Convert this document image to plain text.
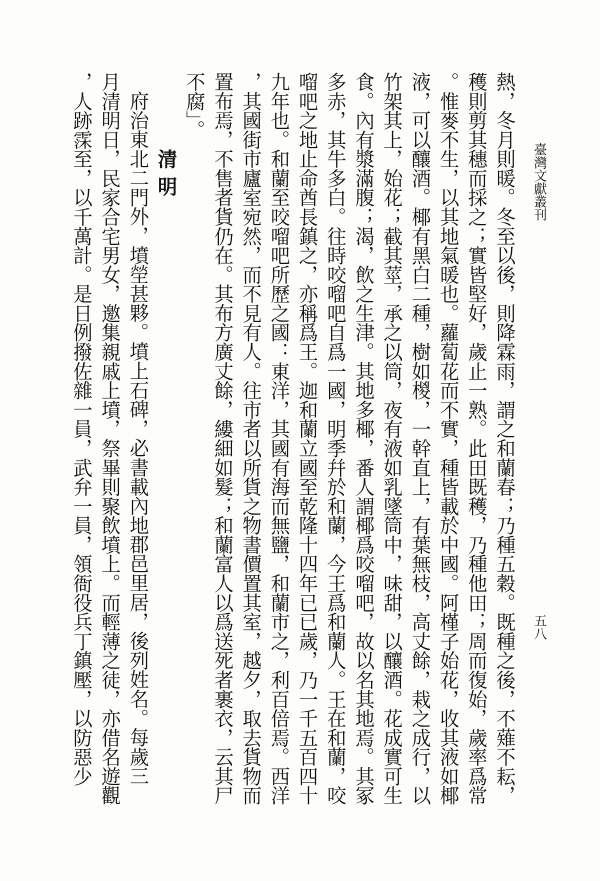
臺灣文獻叢刊
五八
熱，冬月則暖。冬至以後，則降霖雨，謂之和蘭春；乃種五穀。既種之後，不薙不耘，
穫則剪其穗而採之；實皆堅好，歲止一熟。此田既穫，乃種他田；周而復始，歲率爲常
。惟麥不生，以其地氣暖也。蘿蔔花而不實，種皆載於中國。阿槿子始花，收其液如椰
液，可以釀酒。椰有黑白二種，樹如椶，一幹直上，有葉無枝，高丈餘，栽之成行，以
竹架其上，始花；截其莖，承之以筒，夜有液如乳墜筒中，味甜，以釀酒。花成實可生
食。內有漿滿腹；渴，飲之生津。其地多椰，番人謂椰爲咬𠺕吧，故以名其地焉。其冢
多赤，其牛多白。往時咬𠺕吧自爲一國，明季幷於和蘭，今王爲和蘭人。王在和蘭，咬
𠺕吧之地止命酋長鎮之，亦稱爲王。迦和蘭立國至乾隆十四年已已歲，乃一千五百四十
九年也。和蘭至咬𠺕吧所歷之國：東洋，其國有海而無鹽，和蘭市之，利百倍焉。西洋
，其國街市廬室宛然，而不見有人。往市者以所貨之物書價置其室，越夕，取去貨物而
置布焉，不售者貨仍在。其布方廣丈餘，縷細如髮；和蘭富人以爲送死者裹衣，云其尸
不腐」。
清明
府治東北二門外，墳塋甚夥。墳上石碑，必書載內地郡邑里居，後列姓名。每歲三
月清明日，民家合宅男女，邀集親戚上墳，祭畢則聚飲墳上。而輕薄之徒，亦借名遊觀
，人跡霂至，以千萬計。是日例撥佐雜一員，武弁一員，領衙役兵丁鎮壓，以防惡少
